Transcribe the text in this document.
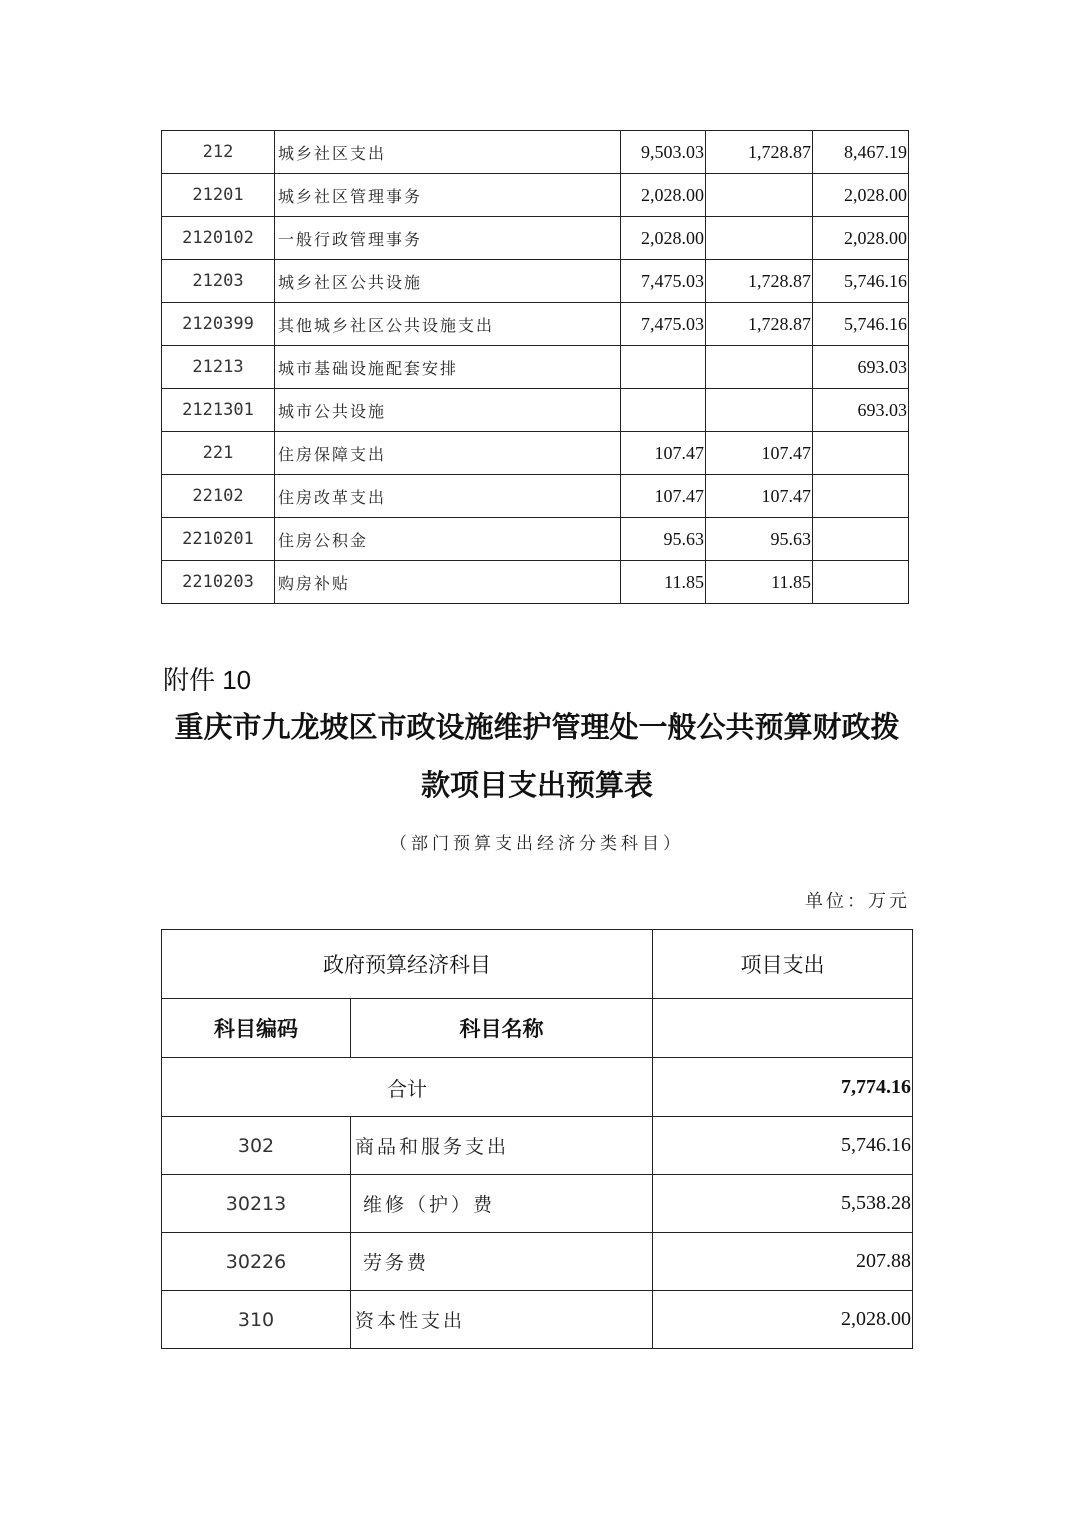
212	城乡社区支出	9,503.03	1,728.87	8,467.19
21201	城乡社区管理事务	2,028.00		2,028.00
2120102	一般行政管理事务	2,028.00		2,028.00
21203	城乡社区公共设施	7,475.03	1,728.87	5,746.16
2120399	其他城乡社区公共设施支出	7,475.03	1,728.87	5,746.16
21213	城市基础设施配套安排			693.03
2121301	城市公共设施			693.03
221	住房保障支出	107.47	107.47	
22102	住房改革支出	107.47	107.47	
2210201	住房公积金	95.63	95.63	
2210203	购房补贴	11.85	11.85	
附件 10
重庆市九龙坡区市政设施维护管理处一般公共预算财政拨
款项目支出预算表
（部门预算支出经济分类科目）
单位：万元
政府预算经济科目		项目支出
科目编码	科目名称	
合计		7,774.16
302	商品和服务支出	5,746.16
30213	维修（护）费	5,538.28
30226	劳务费	207.88
310	资本性支出	2,028.00
